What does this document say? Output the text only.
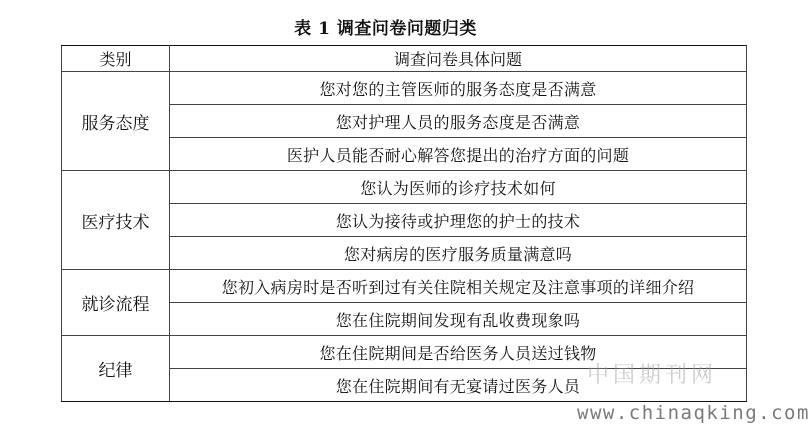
表 1 调查问卷问题归类
类别	调查问卷具体问题
服务态度	您对您的主管医师的服务态度是否满意
	您对护理人员的服务态度是否满意
	医护人员能否耐心解答您提出的治疗方面的问题
医疗技术	您认为医师的诊疗技术如何
	您认为接待或护理您的护士的技术
	您对病房的医疗服务质量满意吗
就诊流程	您初入病房时是否听到过有关住院相关规定及注意事项的详细介绍
	您在住院期间发现有乱收费现象吗
纪律	您在住院期间是否给医务人员送过钱物
	您在住院期间有无宴请过医务人员 中国期刊网
www.chinaqking.com
